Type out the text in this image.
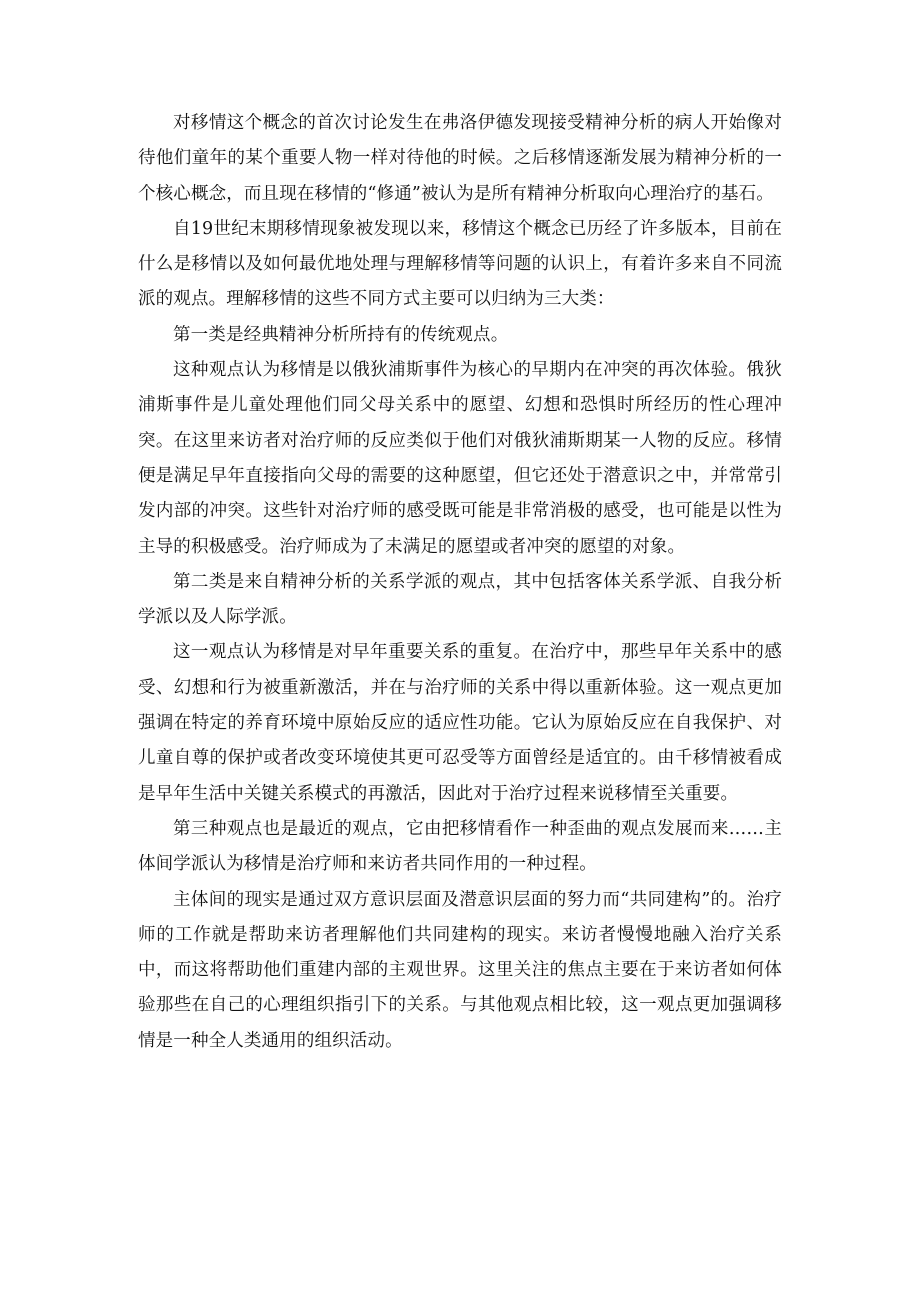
对移情这个概念的首次讨论发生在弗洛伊德发现接受精神分析的病人开始像对待他们童年的某个重要人物一样对待他的时候。之后移情逐渐发展为精神分析的一个核心概念，而且现在移情的“修通”被认为是所有精神分析取向心理治疗的基石。

自19世纪末期移情现象被发现以来，移情这个概念已历经了许多版本，目前在什么是移情以及如何最优地处理与理解移情等问题的认识上，有着许多来自不同流派的观点。理解移情的这些不同方式主要可以归纳为三大类：

第一类是经典精神分析所持有的传统观点。

这种观点认为移情是以俄狄浦斯事件为核心的早期内在冲突的再次体验。俄狄浦斯事件是儿童处理他们同父母关系中的愿望、幻想和恐惧时所经历的性心理冲突。在这里来访者对治疗师的反应类似于他们对俄狄浦斯期某一人物的反应。移情便是满足早年直接指向父母的需要的这种愿望，但它还处于潜意识之中，并常常引发内部的冲突。这些针对治疗师的感受既可能是非常消极的感受，也可能是以性为主导的积极感受。治疗师成为了未满足的愿望或者冲突的愿望的对象。

第二类是来自精神分析的关系学派的观点，其中包括客体关系学派、自我分析学派以及人际学派。

这一观点认为移情是对早年重要关系的重复。在治疗中，那些早年关系中的感受、幻想和行为被重新激活，并在与治疗师的关系中得以重新体验。这一观点更加强调在特定的养育环境中原始反应的适应性功能。它认为原始反应在自我保护、对儿童自尊的保护或者改变环境使其更可忍受等方面曾经是适宜的。由千移情被看成是早年生活中关键关系模式的再激活，因此对于治疗过程来说移情至关重要。

第三种观点也是最近的观点，它由把移情看作一种歪曲的观点发展而来……主体间学派认为移情是治疗师和来访者共同作用的一种过程。

主体间的现实是通过双方意识层面及潜意识层面的努力而“共同建构”的。治疗师的工作就是帮助来访者理解他们共同建构的现实。来访者慢慢地融入治疗关系中，而这将帮助他们重建内部的主观世界。这里关注的焦点主要在于来访者如何体验那些在自己的心理组织指引下的关系。与其他观点相比较，这一观点更加强调移情是一种全人类通用的组织活动。
